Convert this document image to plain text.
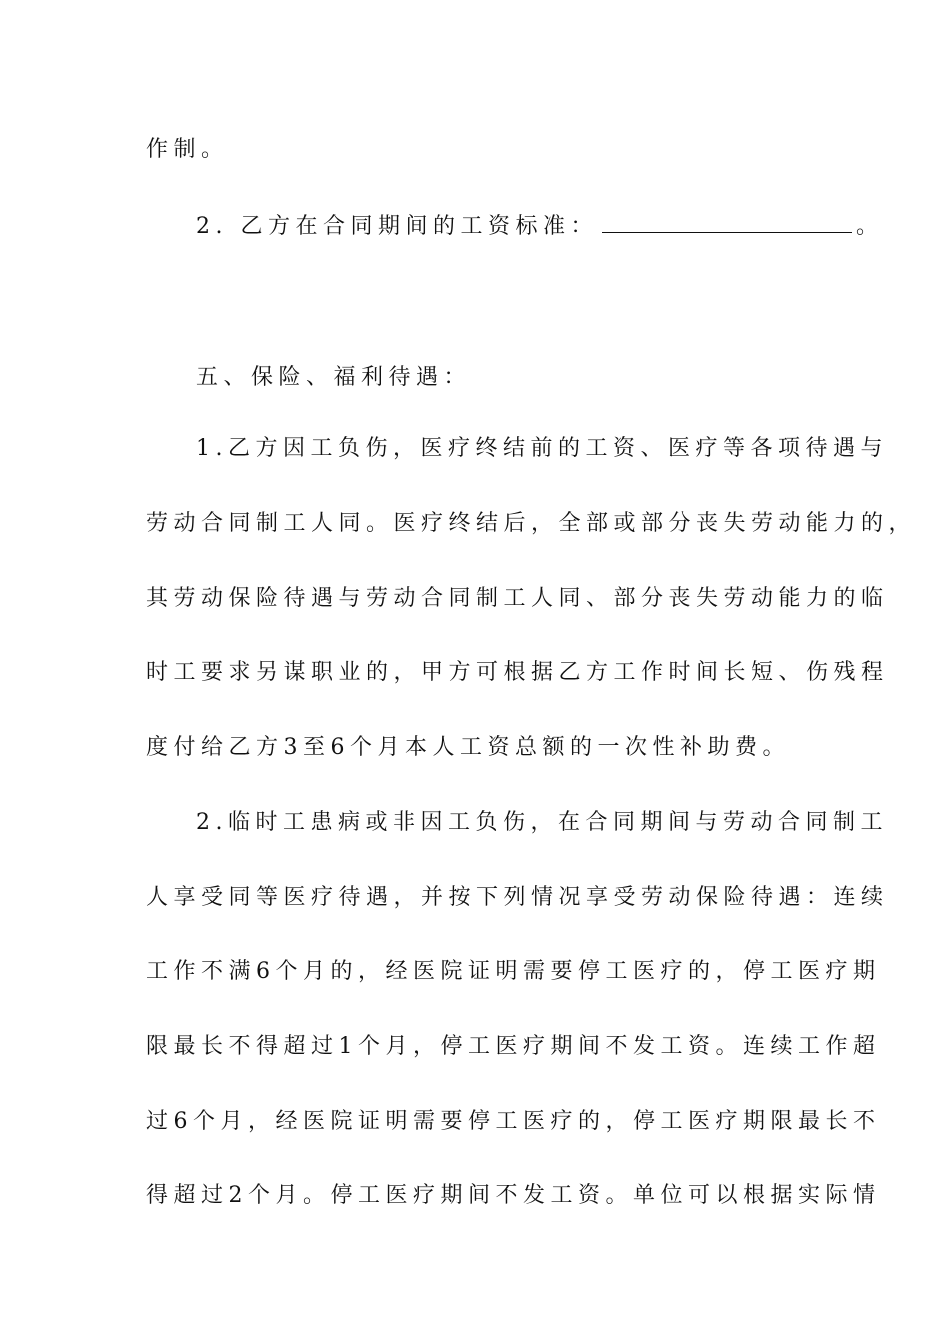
作制。
2. 乙方在合同期间的工资标准：	。
五、保险、福利待遇：
1.乙方因工负伤，医疗终结前的工资、医疗等各项待遇与
劳动合同制工人同。医疗终结后，全部或部分丧失劳动能力的，
其劳动保险待遇与劳动合同制工人同、部分丧失劳动能力的临
时工要求另谋职业的，甲方可根据乙方工作时间长短、伤残程
度付给乙方3至6个月本人工资总额的一次性补助费。
2.临时工患病或非因工负伤，在合同期间与劳动合同制工
人享受同等医疗待遇，并按下列情况享受劳动保险待遇：连续
工作不满6个月的，经医院证明需要停工医疗的，停工医疗期
限最长不得超过1个月，停工医疗期间不发工资。连续工作超
过6个月，经医院证明需要停工医疗的，停工医疗期限最长不
得超过2个月。停工医疗期间不发工资。单位可以根据实际情
